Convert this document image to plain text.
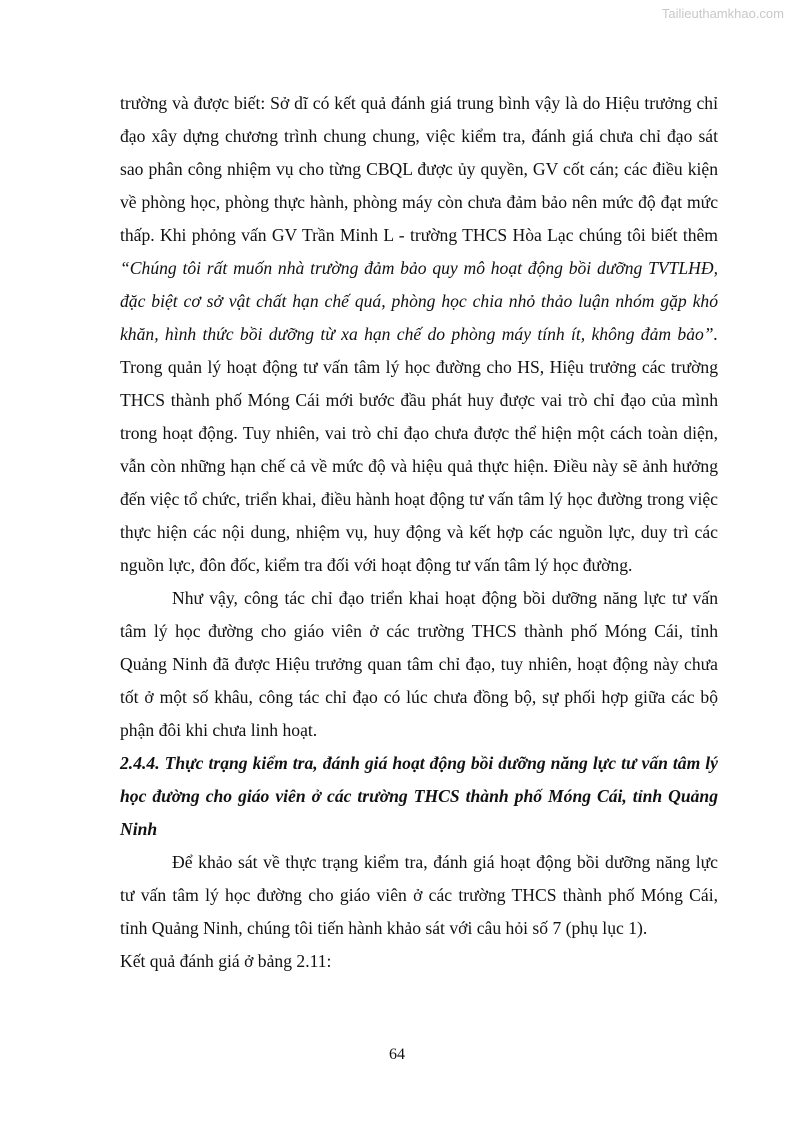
Tailieuthamkhao.com

trường và được biết: Sở dĩ có kết quả đánh giá trung bình vậy là do Hiệu trưởng chỉ đạo xây dựng chương trình chung chung, việc kiểm tra, đánh giá chưa chỉ đạo sát sao phân công nhiệm vụ cho từng CBQL được ủy quyền, GV cốt cán; các điều kiện về phòng học, phòng thực hành, phòng máy còn chưa đảm bảo nên mức độ đạt mức thấp. Khi phỏng vấn GV Trần Minh L - trường THCS Hòa Lạc chúng tôi biết thêm “Chúng tôi rất muốn nhà trường đảm bảo quy mô hoạt động bồi dưỡng TVTLHĐ, đặc biệt cơ sở vật chất hạn chế quá, phòng học chia nhỏ thảo luận nhóm gặp khó khăn, hình thức bồi dưỡng từ xa hạn chế do phòng máy tính ít, không đảm bảo”. Trong quản lý hoạt động tư vấn tâm lý học đường cho HS, Hiệu trưởng các trường THCS thành phố Móng Cái mới bước đầu phát huy được vai trò chỉ đạo của mình trong hoạt động. Tuy nhiên, vai trò chỉ đạo chưa được thể hiện một cách toàn diện, vẫn còn những hạn chế cả về mức độ và hiệu quả thực hiện. Điều này sẽ ảnh hưởng đến việc tổ chức, triển khai, điều hành hoạt động tư vấn tâm lý học đường trong việc thực hiện các nội dung, nhiệm vụ, huy động và kết hợp các nguồn lực, duy trì các nguồn lực, đôn đốc, kiểm tra đối với hoạt động tư vấn tâm lý học đường.

Như vậy, công tác chỉ đạo triển khai hoạt động bồi dưỡng năng lực tư vấn tâm lý học đường cho giáo viên ở các trường THCS thành phố Móng Cái, tỉnh Quảng Ninh đã được Hiệu trưởng quan tâm chỉ đạo, tuy nhiên, hoạt động này chưa tốt ở một số khâu, công tác chỉ đạo có lúc chưa đồng bộ, sự phối hợp giữa các bộ phận đôi khi chưa linh hoạt.

2.4.4. Thực trạng kiểm tra, đánh giá hoạt động bồi dưỡng năng lực tư vấn tâm lý học đường cho giáo viên ở các trường THCS thành phố Móng Cái, tỉnh Quảng Ninh

Để khảo sát về thực trạng kiểm tra, đánh giá hoạt động bồi dưỡng năng lực tư vấn tâm lý học đường cho giáo viên ở các trường THCS thành phố Móng Cái, tỉnh Quảng Ninh, chúng tôi tiến hành khảo sát với câu hỏi số 7 (phụ lục 1).

Kết quả đánh giá ở bảng 2.11:

64
